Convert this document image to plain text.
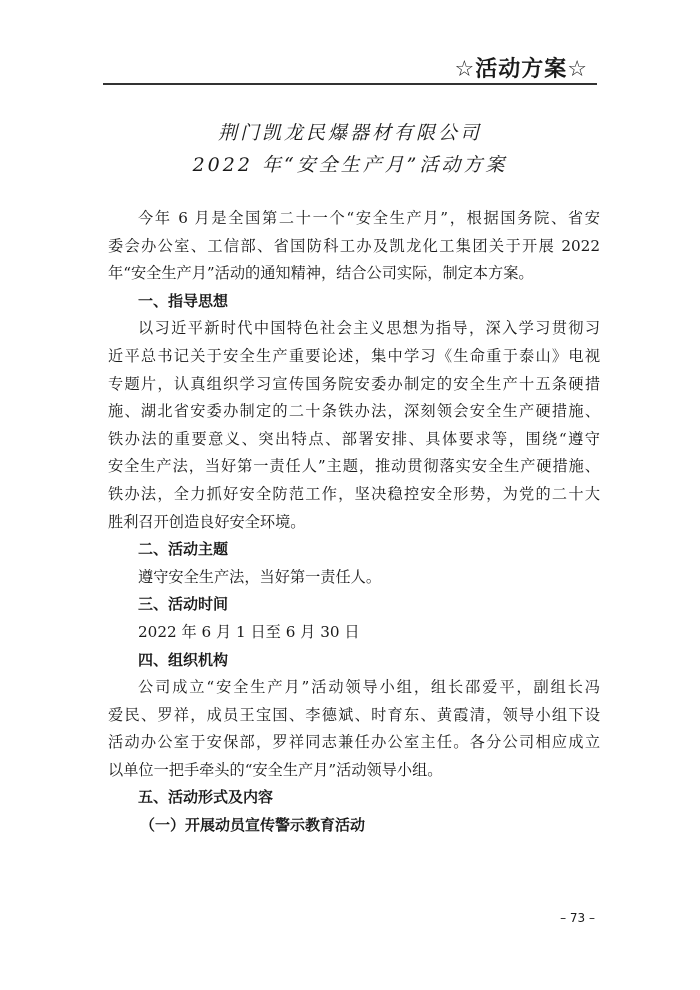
☆活动方案☆
荆门凯龙民爆器材有限公司
2022 年“安全生产月”活动方案
今年 6 月是全国第二十一个“安全生产月”，根据国务院、省安
委会办公室、工信部、省国防科工办及凯龙化工集团关于开展 2022
年“安全生产月”活动的通知精神，结合公司实际，制定本方案。
一、指导思想
以习近平新时代中国特色社会主义思想为指导，深入学习贯彻习
近平总书记关于安全生产重要论述，集中学习《生命重于泰山》电视
专题片，认真组织学习宣传国务院安委办制定的安全生产十五条硬措
施、湖北省安委办制定的二十条铁办法，深刻领会安全生产硬措施、
铁办法的重要意义、突出特点、部署安排、具体要求等，围绕“遵守
安全生产法，当好第一责任人”主题，推动贯彻落实安全生产硬措施、
铁办法，全力抓好安全防范工作，坚决稳控安全形势，为党的二十大
胜利召开创造良好安全环境。
二、活动主题
遵守安全生产法，当好第一责任人。
三、活动时间
2022 年 6 月 1 日至 6 月 30 日
四、组织机构
公司成立“安全生产月”活动领导小组，组长邵爱平，副组长冯
爱民、罗祥，成员王宝国、李德斌、时育东、黄霞清，领导小组下设
活动办公室于安保部，罗祥同志兼任办公室主任。各分公司相应成立
以单位一把手牵头的“安全生产月”活动领导小组。
五、活动形式及内容
（一）开展动员宣传警示教育活动
– 73 –
